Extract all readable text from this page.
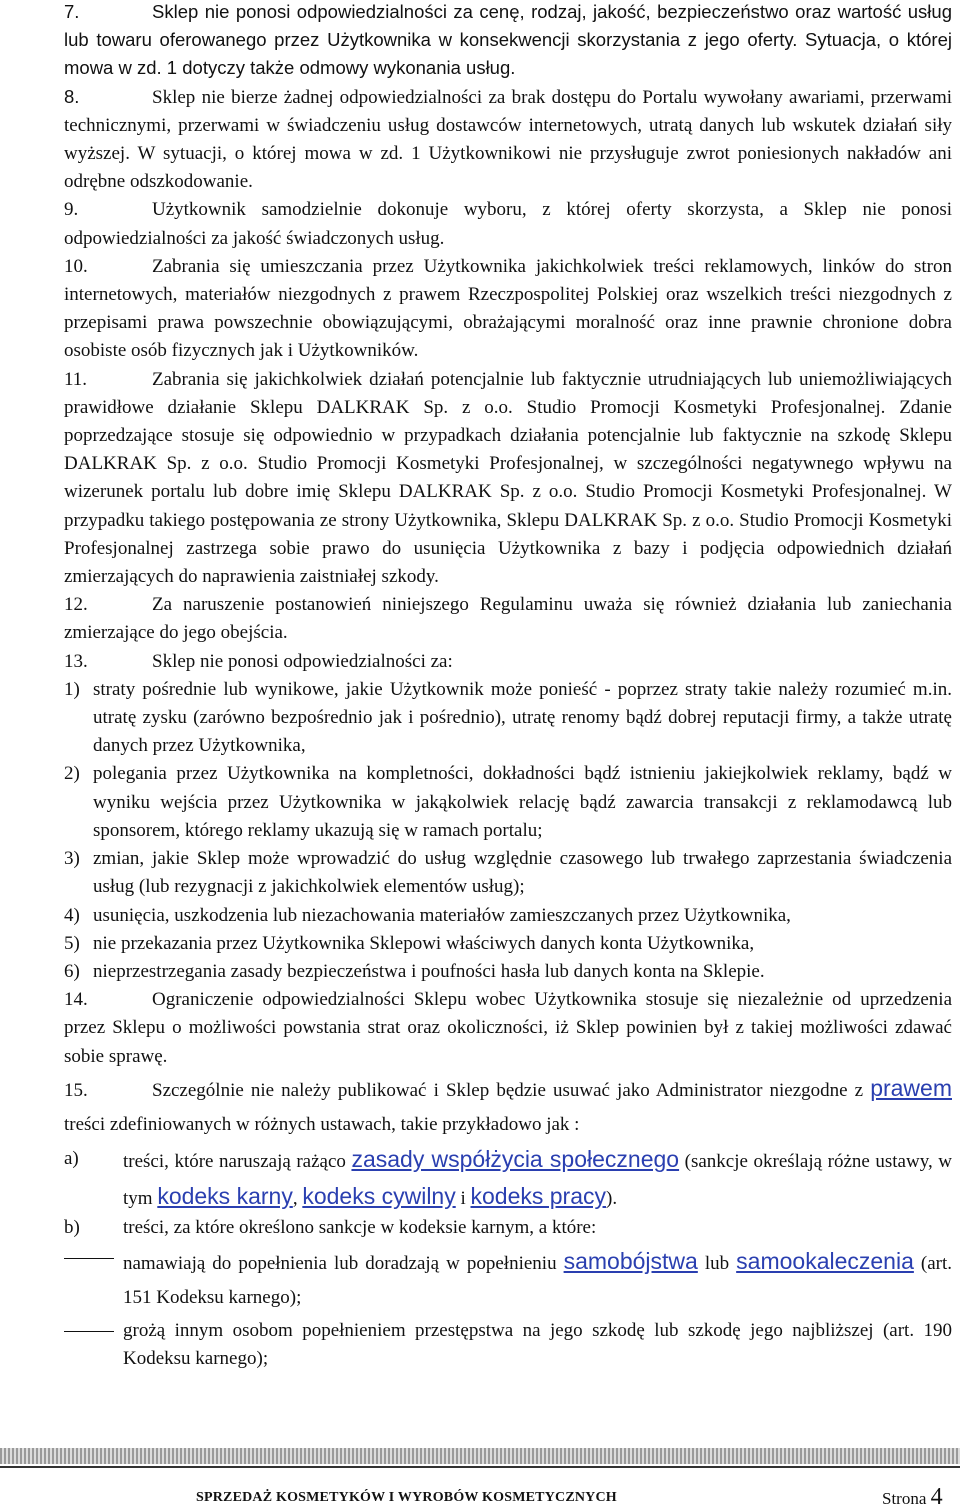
7.	Sklep nie ponosi odpowiedzialności za cenę, rodzaj, jakość, bezpieczeństwo oraz wartość usług lub towaru oferowanego przez Użytkownika w konsekwencji skorzystania z jego oferty. Sytuacja, o której mowa w zd. 1 dotyczy także odmowy wykonania usług.

8.	Sklep nie bierze żadnej odpowiedzialności za brak dostępu do Portalu wywołany awariami, przerwami technicznymi, przerwami w świadczeniu usług dostawców internetowych, utratą danych lub wskutek działań siły wyższej. W sytuacji, o której mowa w zd. 1 Użytkownikowi nie przysługuje zwrot poniesionych nakładów ani odrębne odszkodowanie.

9.	Użytkownik samodzielnie dokonuje wyboru, z której oferty skorzysta, a Sklep nie ponosi odpowiedzialności za jakość świadczonych usług.

10.	Zabrania się umieszczania przez Użytkownika jakichkolwiek treści reklamowych, linków do stron internetowych, materiałów niezgodnych z prawem Rzeczpospolitej Polskiej oraz wszelkich treści niezgodnych z przepisami prawa powszechnie obowiązującymi, obrażającymi moralność oraz inne prawnie chronione dobra osobiste osób fizycznych jak i Użytkowników.

11.	Zabrania się jakichkolwiek działań potencjalnie lub faktycznie utrudniających lub uniemożliwiających prawidłowe działanie Sklepu DALKRAK Sp. z o.o. Studio Promocji Kosmetyki Profesjonalnej. Zdanie poprzedzające stosuje się odpowiednio w przypadkach działania potencjalnie lub faktycznie na szkodę Sklepu DALKRAK Sp. z o.o. Studio Promocji Kosmetyki Profesjonalnej, w szczególności negatywnego wpływu na wizerunek portalu lub dobre imię Sklepu DALKRAK Sp. z o.o. Studio Promocji Kosmetyki Profesjonalnej. W przypadku takiego postępowania ze strony Użytkownika, Sklepu DALKRAK Sp. z o.o. Studio Promocji Kosmetyki Profesjonalnej zastrzega sobie prawo do usunięcia Użytkownika z bazy i podjęcia odpowiednich działań zmierzających do naprawienia zaistniałej szkody.

12.	Za naruszenie postanowień niniejszego Regulaminu uważa się również działania lub zaniechania zmierzające do jego obejścia.

13.	Sklep nie ponosi odpowiedzialności za:

1) straty pośrednie lub wynikowe, jakie Użytkownik może ponieść - poprzez straty takie należy rozumieć m.in. utratę zysku (zarówno bezpośrednio jak i pośrednio), utratę renomy bądź dobrej reputacji firmy, a także utratę danych przez Użytkownika,

2) polegania przez Użytkownika na kompletności, dokładności bądź istnieniu jakiejkolwiek reklamy, bądź w wyniku wejścia przez Użytkownika w jakąkolwiek relację bądź zawarcia transakcji z reklamodawcą lub sponsorem, którego reklamy ukazują się w ramach portalu;

3) zmian, jakie Sklep może wprowadzić do usług względnie czasowego lub trwałego zaprzestania świadczenia usług (lub rezygnacji z jakichkolwiek elementów usług);

4) usunięcia, uszkodzenia lub niezachowania materiałów zamieszczanych przez Użytkownika,

5) nie przekazania przez Użytkownika Sklepowi właściwych danych konta Użytkownika,

6) nieprzestrzegania zasady bezpieczeństwa i poufności hasła lub danych konta na Sklepie.

14.	Ograniczenie odpowiedzialności Sklepu wobec Użytkownika stosuje się niezależnie od uprzedzenia przez Sklepu o możliwości powstania strat oraz okoliczności, iż Sklep powinien był z takiej możliwości zdawać sobie sprawę.

15.	Szczególnie nie należy publikować i Sklep będzie usuwać jako Administrator niezgodne z prawem treści zdefiniowanych w różnych ustawach, takie przykładowo jak :

a) treści, które naruszają rażąco zasady współżycia społecznego (sankcje określają różne ustawy, w tym kodeks karny, kodeks cywilny i kodeks pracy).

b) treści, za które określono sankcje w kodeksie karnym, a które:

namawiają do popełnienia lub doradzają w popełnieniu samobójstwa lub samookaleczenia (art. 151 Kodeksu karnego);

grożą innym osobom popełnieniem przestępstwa na jego szkodę lub szkodę jego najbliższej (art. 190 Kodeksu karnego);

SPRZEDAŻ KOSMETYKÓW I WYROBÓW KOSMETYCZNYCH	Strona 4
